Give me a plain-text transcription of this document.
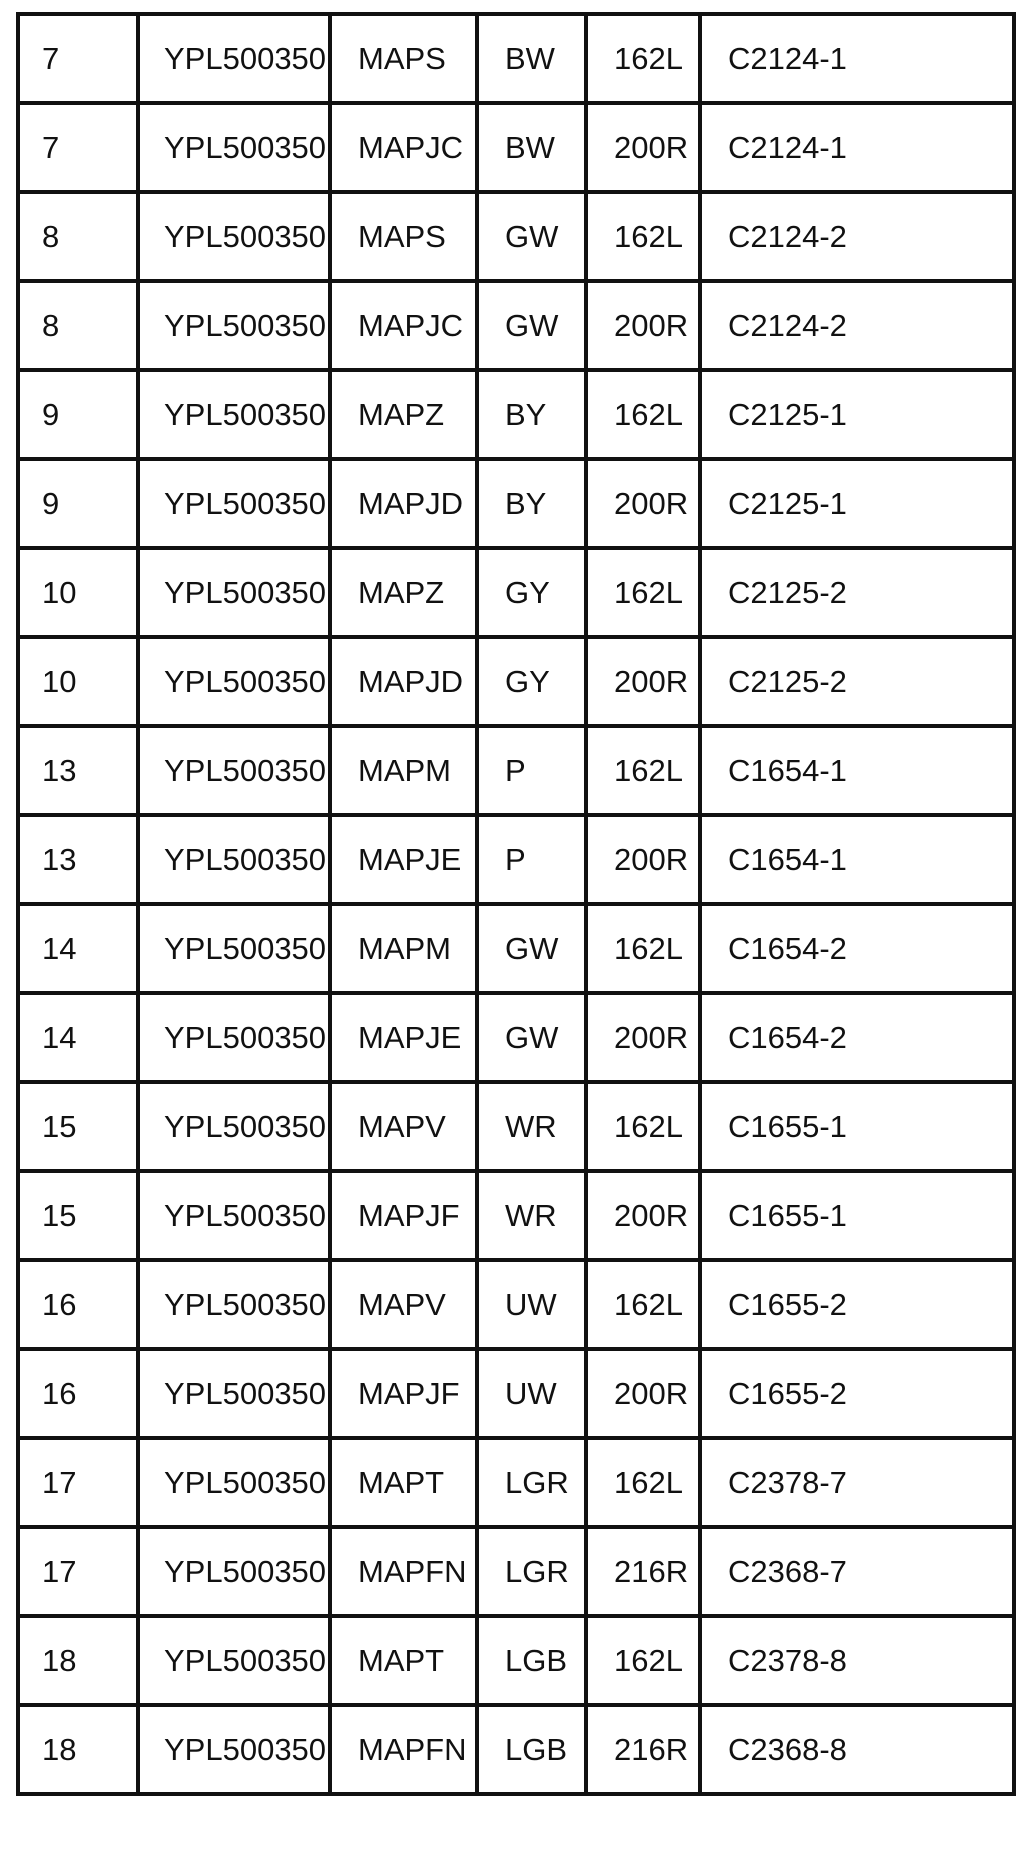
7	YPL500350	MAPS	BW	162L	C2124-1
7	YPL500350	MAPJC	BW	200R	C2124-1
8	YPL500350	MAPS	GW	162L	C2124-2
8	YPL500350	MAPJC	GW	200R	C2124-2
9	YPL500350	MAPZ	BY	162L	C2125-1
9	YPL500350	MAPJD	BY	200R	C2125-1
10	YPL500350	MAPZ	GY	162L	C2125-2
10	YPL500350	MAPJD	GY	200R	C2125-2
13	YPL500350	MAPM	P	162L	C1654-1
13	YPL500350	MAPJE	P	200R	C1654-1
14	YPL500350	MAPM	GW	162L	C1654-2
14	YPL500350	MAPJE	GW	200R	C1654-2
15	YPL500350	MAPV	WR	162L	C1655-1
15	YPL500350	MAPJF	WR	200R	C1655-1
16	YPL500350	MAPV	UW	162L	C1655-2
16	YPL500350	MAPJF	UW	200R	C1655-2
17	YPL500350	MAPT	LGR	162L	C2378-7
17	YPL500350	MAPFN	LGR	216R	C2368-7
18	YPL500350	MAPT	LGB	162L	C2378-8
18	YPL500350	MAPFN	LGB	216R	C2368-8
